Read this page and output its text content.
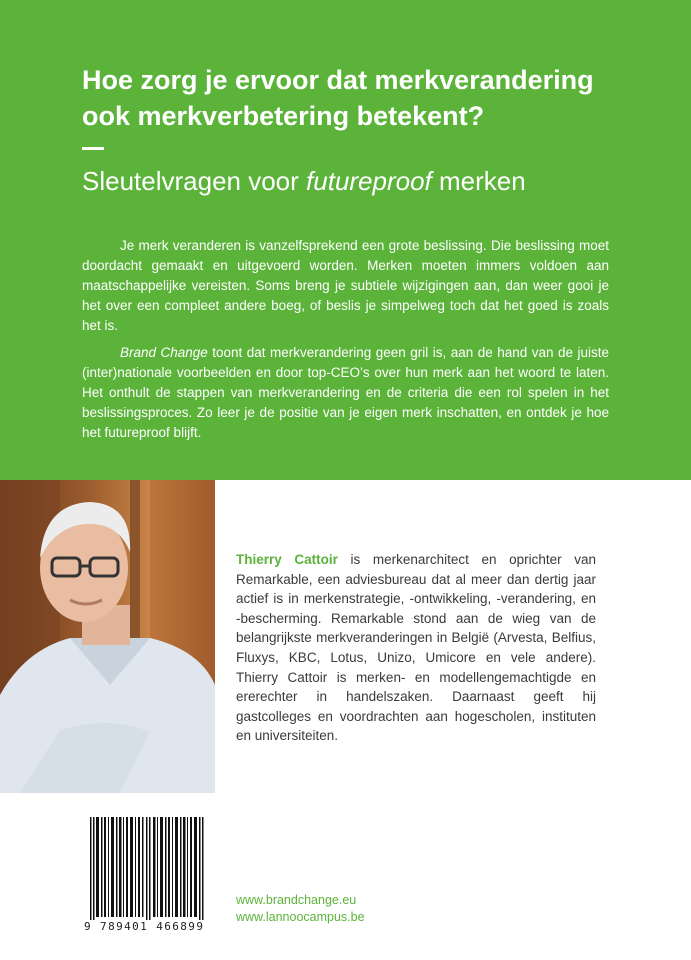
Hoe zorg je ervoor dat merkverandering ook merkverbetering betekent?
Sleutelvragen voor futureproof merken
Je merk veranderen is vanzelfsprekend een grote beslissing. Die beslissing moet doordacht gemaakt en uitgevoerd worden. Merken moeten immers voldoen aan maatschappelijke vereisten. Soms breng je subtiele wijzigingen aan, dan weer gooi je het over een compleet andere boeg, of beslis je simpelweg toch dat het goed is zoals het is.
Brand Change toont dat merkverandering geen gril is, aan de hand van de juiste (inter)nationale voorbeelden en door top-CEO’s over hun merk aan het woord te laten. Het onthult de stappen van merkverandering en de criteria die een rol spelen in het beslissingsproces. Zo leer je de positie van je eigen merk inschatten, en ontdek je hoe het futureproof blijft.
Thierry Cattoir is merkenarchitect en oprichter van Remarkable, een adviesbureau dat al meer dan dertig jaar actief is in merkenstrategie, -ontwikkeling, -verandering, en -bescherming. Remarkable stond aan de wieg van de belangrijkste merkveranderingen in België (Arvesta, Belfius, Fluxys, KBC, Lotus, Unizo, Umicore en vele andere). Thierry Cattoir is merken- en modellengemachtigde en ererechter in handelszaken. Daarnaast geeft hij gastcolleges en voordrachten aan hogescholen, instituten en universiteiten.
9 789401 466899
www.brandchange.eu
www.lannoocampus.be
